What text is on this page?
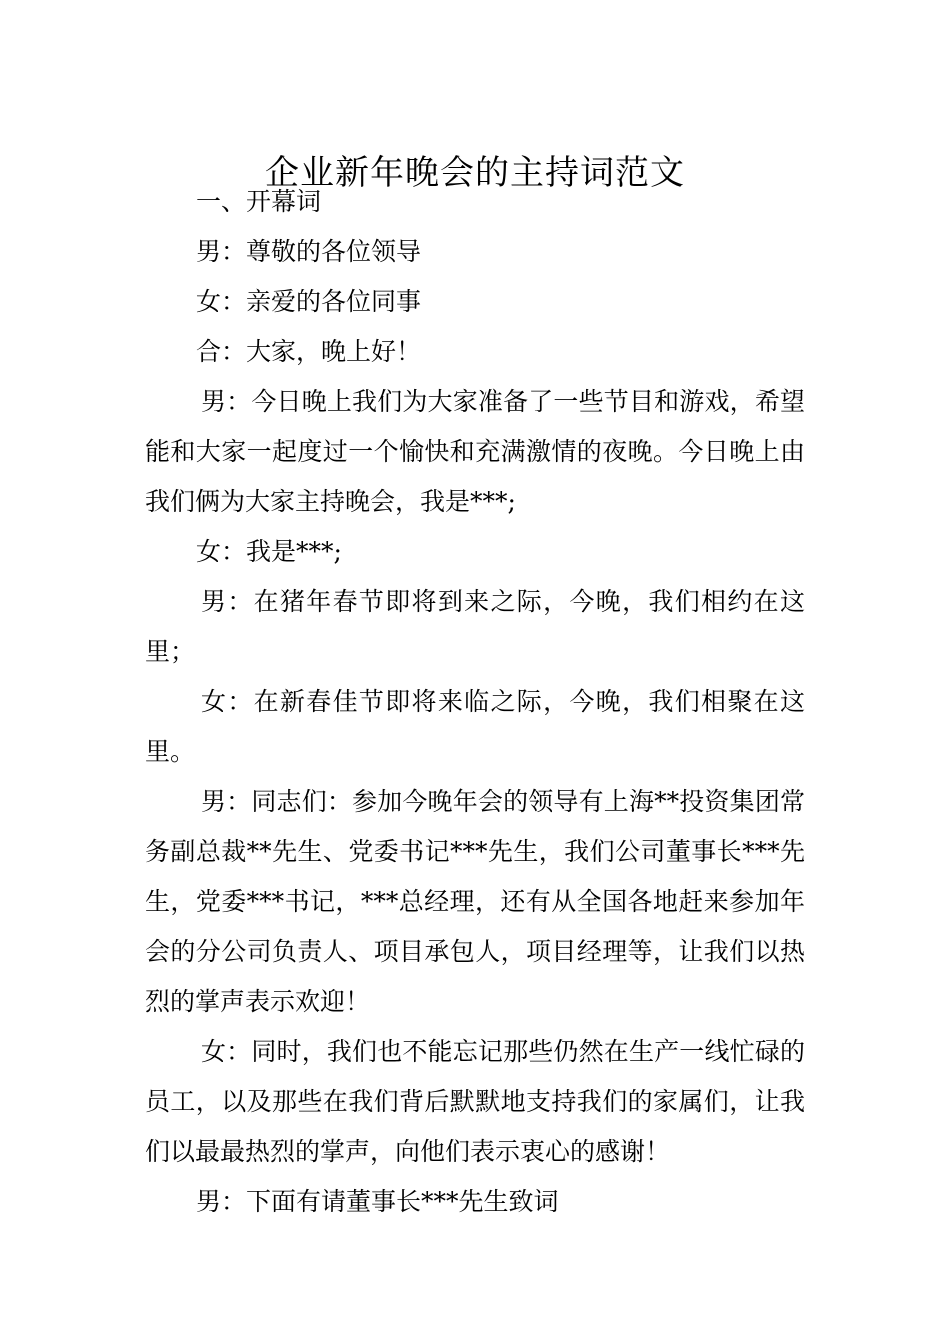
企业新年晚会的主持词范文

一、开幕词

男：尊敬的各位领导

女：亲爱的各位同事

合：大家，晚上好！

男：今日晚上我们为大家准备了一些节目和游戏，希望能和大家一起度过一个愉快和充满激情的夜晚。今日晚上由我们俩为大家主持晚会，我是***;

女：我是***;

男：在猪年春节即将到来之际，今晚，我们相约在这里；

女：在新春佳节即将来临之际，今晚，我们相聚在这里。

男：同志们：参加今晚年会的领导有上海**投资集团常务副总裁**先生、党委书记***先生，我们公司董事长***先生，党委***书记，***总经理，还有从全国各地赶来参加年会的分公司负责人、项目承包人，项目经理等，让我们以热烈的掌声表示欢迎！

女：同时，我们也不能忘记那些仍然在生产一线忙碌的员工，以及那些在我们背后默默地支持我们的家属们，让我们以最最热烈的掌声，向他们表示衷心的感谢！

男：下面有请董事长***先生致词
